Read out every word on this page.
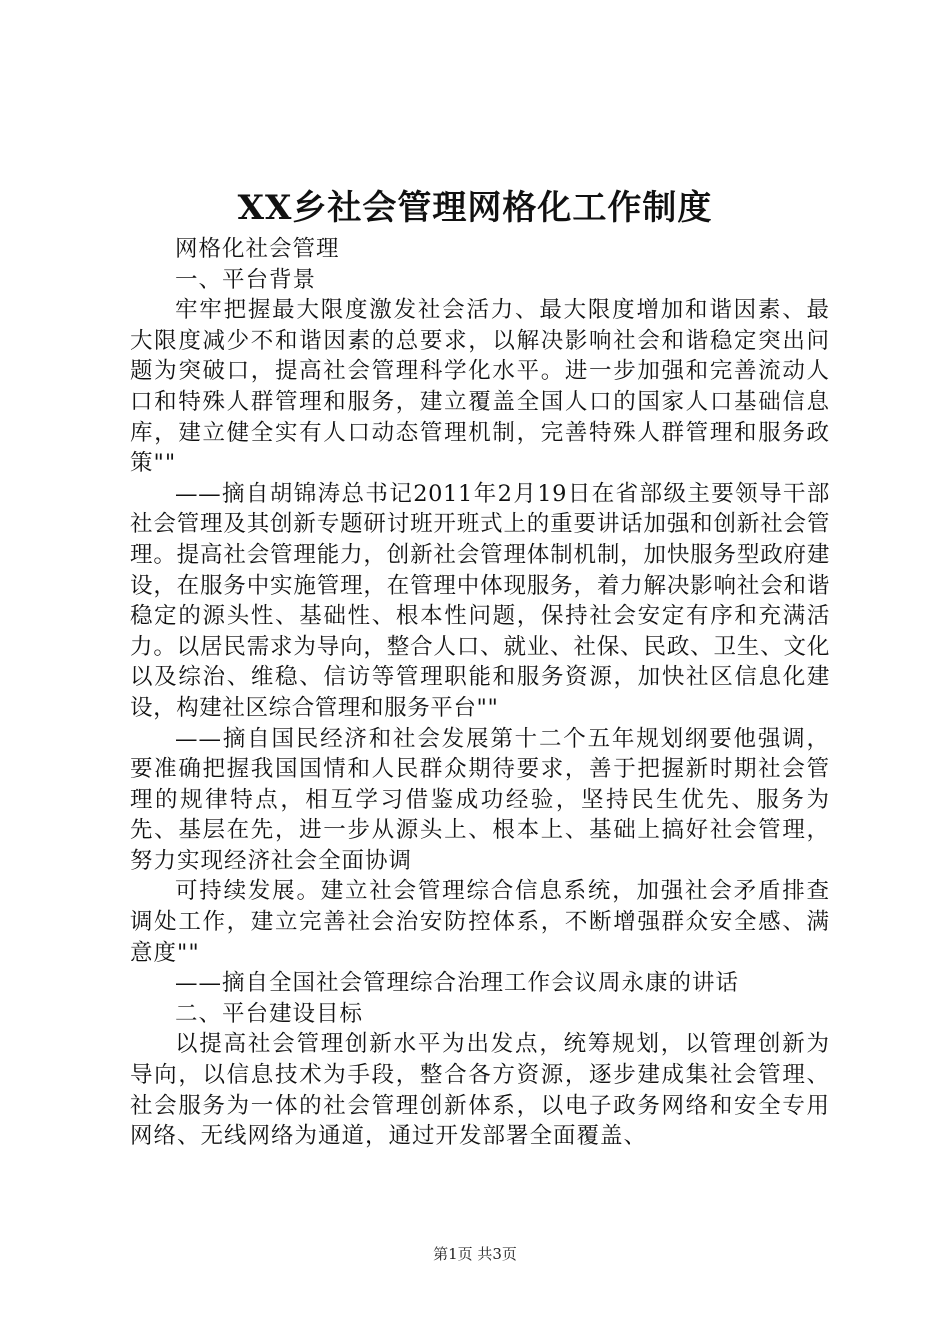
XX乡社会管理网格化工作制度

网格化社会管理

一、平台背景

牢牢把握最大限度激发社会活力、最大限度增加和谐因素、最大限度减少不和谐因素的总要求，以解决影响社会和谐稳定突出问题为突破口，提高社会管理科学化水平。进一步加强和完善流动人口和特殊人群管理和服务，建立覆盖全国人口的国家人口基础信息库，建立健全实有人口动态管理机制，完善特殊人群管理和服务政策""

——摘自胡锦涛总书记2011年2月19日在省部级主要领导干部社会管理及其创新专题研讨班开班式上的重要讲话加强和创新社会管理。提高社会管理能力，创新社会管理体制机制，加快服务型政府建设，在服务中实施管理，在管理中体现服务，着力解决影响社会和谐稳定的源头性、基础性、根本性问题，保持社会安定有序和充满活力。以居民需求为导向，整合人口、就业、社保、民政、卫生、文化以及综治、维稳、信访等管理职能和服务资源，加快社区信息化建设，构建社区综合管理和服务平台""

——摘自国民经济和社会发展第十二个五年规划纲要他强调，要准确把握我国国情和人民群众期待要求，善于把握新时期社会管理的规律特点，相互学习借鉴成功经验，坚持民生优先、服务为先、基层在先，进一步从源头上、根本上、基础上搞好社会管理，努力实现经济社会全面协调

可持续发展。建立社会管理综合信息系统，加强社会矛盾排查调处工作，建立完善社会治安防控体系，不断增强群众安全感、满意度""

——摘自全国社会管理综合治理工作会议周永康的讲话

二、平台建设目标

以提高社会管理创新水平为出发点，统筹规划，以管理创新为导向，以信息技术为手段，整合各方资源，逐步建成集社会管理、社会服务为一体的社会管理创新体系，以电子政务网络和安全专用网络、无线网络为通道，通过开发部署全面覆盖、

第1页 共3页
